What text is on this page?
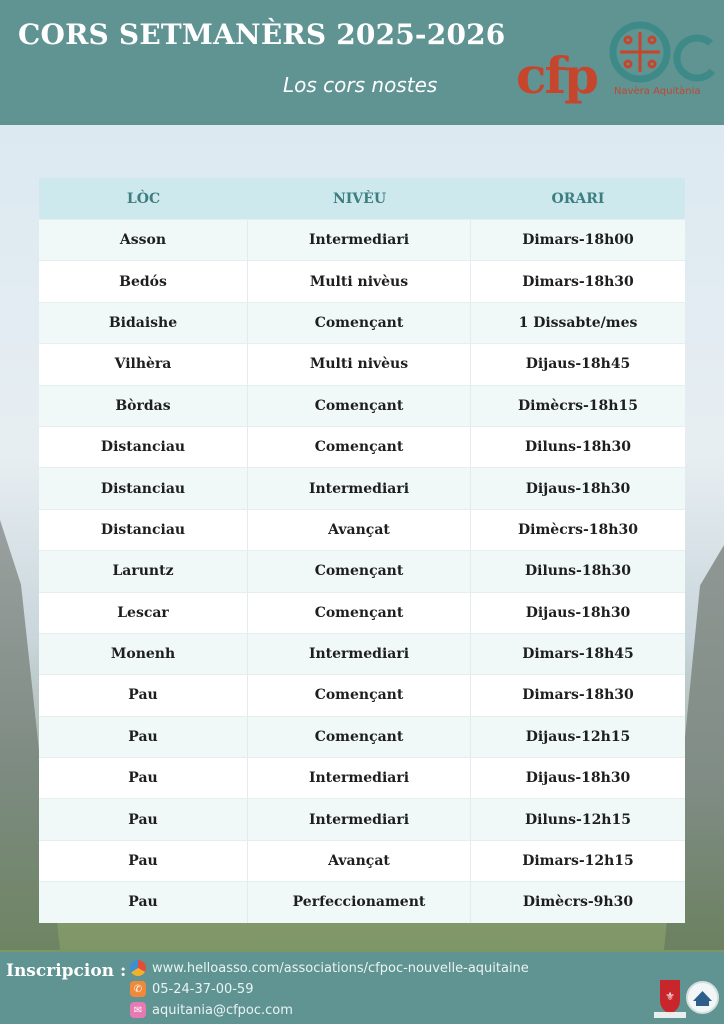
CORS SETMANÈRS 2025-2026
Los cors nostes cfp Navèra Aquitània
LÒC	NIVÈU	ORARI
Asson	Intermediari	Dimars-18h00
Bedós	Multi nivèus	Dimars-18h30
Bidaishe	Començant	1 Dissabte/mes
Vilhèra	Multi nivèus	Dijaus-18h45
Bòrdas	Començant	Dimècrs-18h15
Distanciau	Començant	Diluns-18h30
Distanciau	Intermediari	Dijaus-18h30
Distanciau	Avançat	Dimècrs-18h30
Laruntz	Començant	Diluns-18h30
Lescar	Començant	Dijaus-18h30
Monenh	Intermediari	Dimars-18h45
Pau	Començant	Dimars-18h30
Pau	Començant	Dijaus-12h15
Pau	Intermediari	Dijaus-18h30
Pau	Intermediari	Diluns-12h15
Pau	Avançat	Dimars-12h15
Pau	Perfeccionament	Dimècrs-9h30
Inscripcion : www.helloasso.com/associations/cfpoc-nouvelle-aquitaine
✆ 05-24-37-00-59
✉ aquitania@cfpoc.com
⚜
